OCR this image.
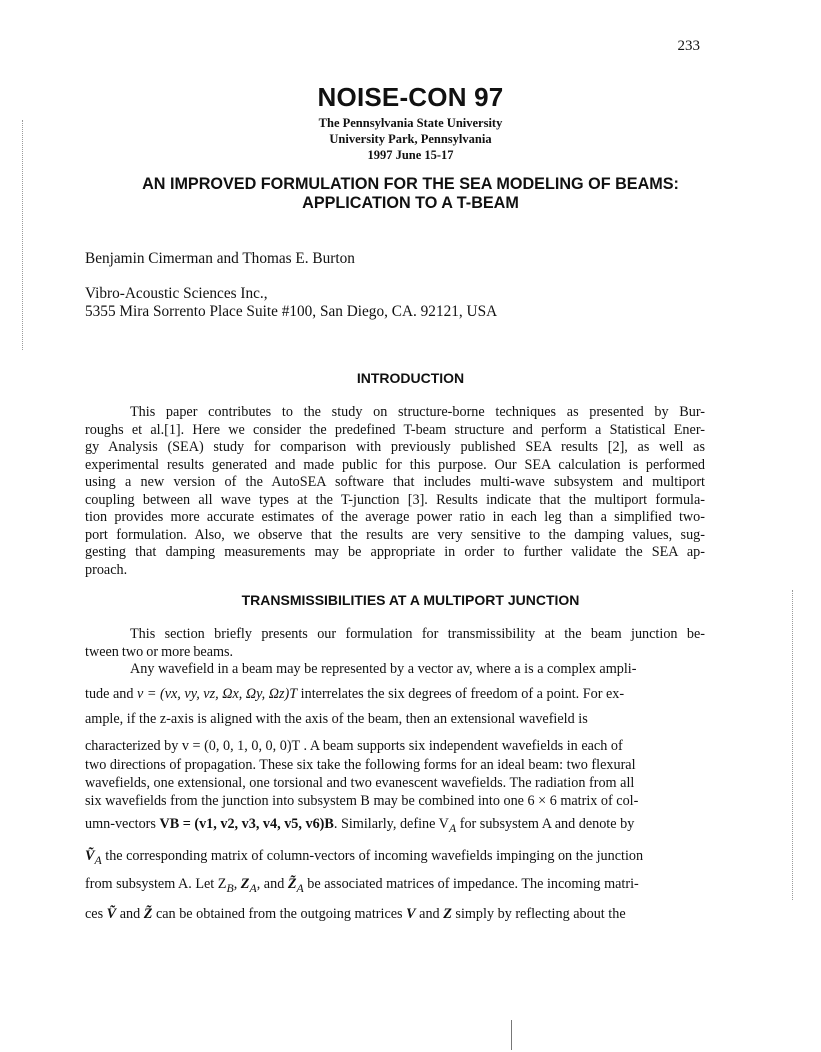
233
NOISE-CON 97
The Pennsylvania State University
University Park, Pennsylvania
1997 June 15-17
AN IMPROVED FORMULATION FOR THE SEA MODELING OF BEAMS:
APPLICATION TO A T-BEAM
Benjamin Cimerman and Thomas E. Burton
Vibro-Acoustic Sciences Inc.,
5355 Mira Sorrento Place Suite #100, San Diego, CA. 92121, USA
INTRODUCTION
This paper contributes to the study on structure-borne techniques as presented by Bur-
roughs et al.[1]. Here we consider the predefined T-beam structure and perform a Statistical Ener-
gy Analysis (SEA) study for comparison with previously published SEA results [2], as well as
experimental results generated and made public for this purpose. Our SEA calculation is performed
using a new version of the AutoSEA software that includes multi-wave subsystem and multiport
coupling between all wave types at the T-junction [3]. Results indicate that the multiport formula-
tion provides more accurate estimates of the average power ratio in each leg than a simplified two-
port formulation. Also, we observe that the results are very sensitive to the damping values, sug-
gesting that damping measurements may be appropriate in order to further validate the SEA ap-
proach.
TRANSMISSIBILITIES AT A MULTIPORT JUNCTION
This section briefly presents our formulation for transmissibility at the beam junction be-
tween two or more beams.
Any wavefield in a beam may be represented by a vector av, where a is a complex ampli-
tude and v = (vx, vy, vz, Ωx, Ωy, Ωz)T interrelates the six degrees of freedom of a point. For ex-
ample, if the z-axis is aligned with the axis of the beam, then an extensional wavefield is
characterized by v = (0, 0, 1, 0, 0, 0)T . A beam supports six independent wavefields in each of
two directions of propagation. These six take the following forms for an ideal beam: two flexural
wavefields, one extensional, one torsional and two evanescent wavefields. The radiation from all
six wavefields from the junction into subsystem B may be combined into one 6 × 6 matrix of col-
umn-vectors VB = (v1, v2, v3, v4, v5, v6)B. Similarly, define $V_A$ for subsystem A and denote by
Ṽ$_A$ the corresponding matrix of column-vectors of incoming wavefields impinging on the junction
from subsystem A. Let $Z_B$, $Z_A$, and $Z̃_A$ be associated matrices of impedance. The incoming matri-
ces Ṽ and Z̃ can be obtained from the outgoing matrices V and Z simply by reflecting about the
